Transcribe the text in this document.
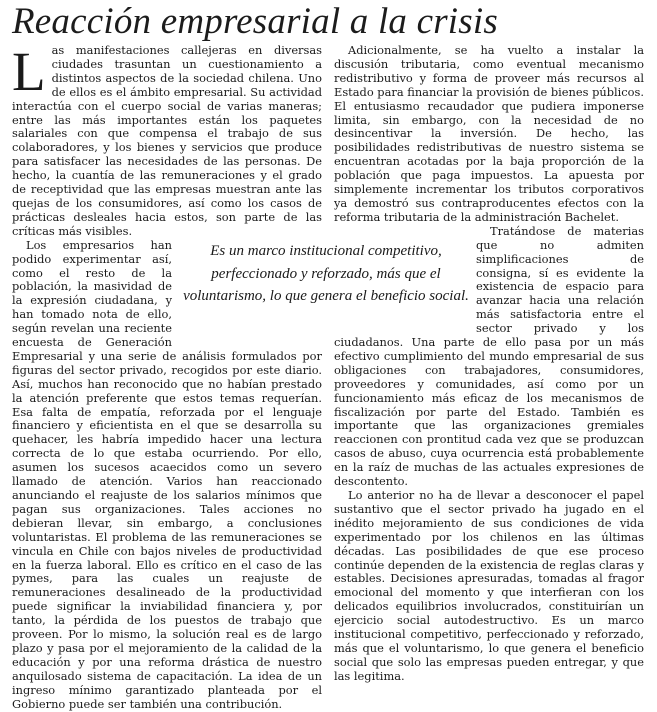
Reacción empresarial a la crisis

Las manifestaciones callejeras en diversas ciudades trasuntan un cuestionamiento a distintos aspectos de la sociedad chilena. Uno de ellos es el ámbito empresarial. Su actividad interactúa con el cuerpo social de varias maneras; entre las más importantes están los paquetes salariales con que compensa el trabajo de sus colaboradores, y los bienes y servicios que produce para satisfacer las necesidades de las personas. De hecho, la cuantía de las remuneraciones y el grado de receptividad que las empresas muestran ante las quejas de los consumidores, así como los casos de prácticas desleales hacia estos, son parte de las críticas más visibles.

Los empresarios han podido experimentar así, como el resto de la población, la masividad de la expresión ciudadana, y han tomado nota de ello, según revelan una reciente encuesta de Generación Empresarial y una serie de análisis formulados por figuras del sector privado, recogidos por este diario. Así, muchos han reconocido que no habían prestado la atención preferente que estos temas requerían. Esa falta de empatía, reforzada por el lenguaje financiero y eficientista en el que se desarrolla su quehacer, les habría impedido hacer una lectura correcta de lo que estaba ocurriendo. Por ello, asumen los sucesos acaecidos como un severo llamado de atención. Varios han reaccionado anunciando el reajuste de los salarios mínimos que pagan sus organizaciones. Tales acciones no debieran llevar, sin embargo, a conclusiones voluntaristas. El problema de las remuneraciones se vincula en Chile con bajos niveles de productividad en la fuerza laboral. Ello es crítico en el caso de las pymes, para las cuales un reajuste de remuneraciones desalineado de la productividad puede significar la inviabilidad financiera y, por tanto, la pérdida de los puestos de trabajo que proveen. Por lo mismo, la solución real es de largo plazo y pasa por el mejoramiento de la calidad de la educación y por una reforma drástica de nuestro anquilosado sistema de capacitación. La idea de un ingreso mínimo garantizado planteada por el Gobierno puede ser también una contribución.

Adicionalmente, se ha vuelto a instalar la discusión tributaria, como eventual mecanismo redistributivo y forma de proveer más recursos al Estado para financiar la provisión de bienes públicos. El entusiasmo recaudador que pudiera imponerse limita, sin embargo, con la necesidad de no desincentivar la inversión. De hecho, las posibilidades redistributivas de nuestro sistema se encuentran acotadas por la baja proporción de la población que paga impuestos. La apuesta por simplemente incrementar los tributos corporativos ya demostró sus contraproducentes efectos con la reforma tributaria de la administración Bachelet.

Tratándose de materias que no admiten simplificaciones de consigna, sí es evidente la existencia de espacio para avanzar hacia una relación más satisfactoria entre el sector privado y los ciudadanos. Una parte de ello pasa por un más efectivo cumplimiento del mundo empresarial de sus obligaciones con trabajadores, consumidores, proveedores y comunidades, así como por un funcionamiento más eficaz de los mecanismos de fiscalización por parte del Estado. También es importante que las organizaciones gremiales reaccionen con prontitud cada vez que se produzcan casos de abuso, cuya ocurrencia está probablemente en la raíz de muchas de las actuales expresiones de descontento.

Lo anterior no ha de llevar a desconocer el papel sustantivo que el sector privado ha jugado en el inédito mejoramiento de sus condiciones de vida experimentado por los chilenos en las últimas décadas. Las posibilidades de que ese proceso continúe dependen de la existencia de reglas claras y estables. Decisiones apresuradas, tomadas al fragor emocional del momento y que interfieran con los delicados equilibrios involucrados, constituirían un ejercicio social autodestructivo. Es un marco institucional competitivo, perfeccionado y reforzado, más que el voluntarismo, lo que genera el beneficio social que solo las empresas pueden entregar, y que las legitima.

Es un marco institucional competitivo, perfeccionado y reforzado, más que el voluntarismo, lo que genera el beneficio social.
